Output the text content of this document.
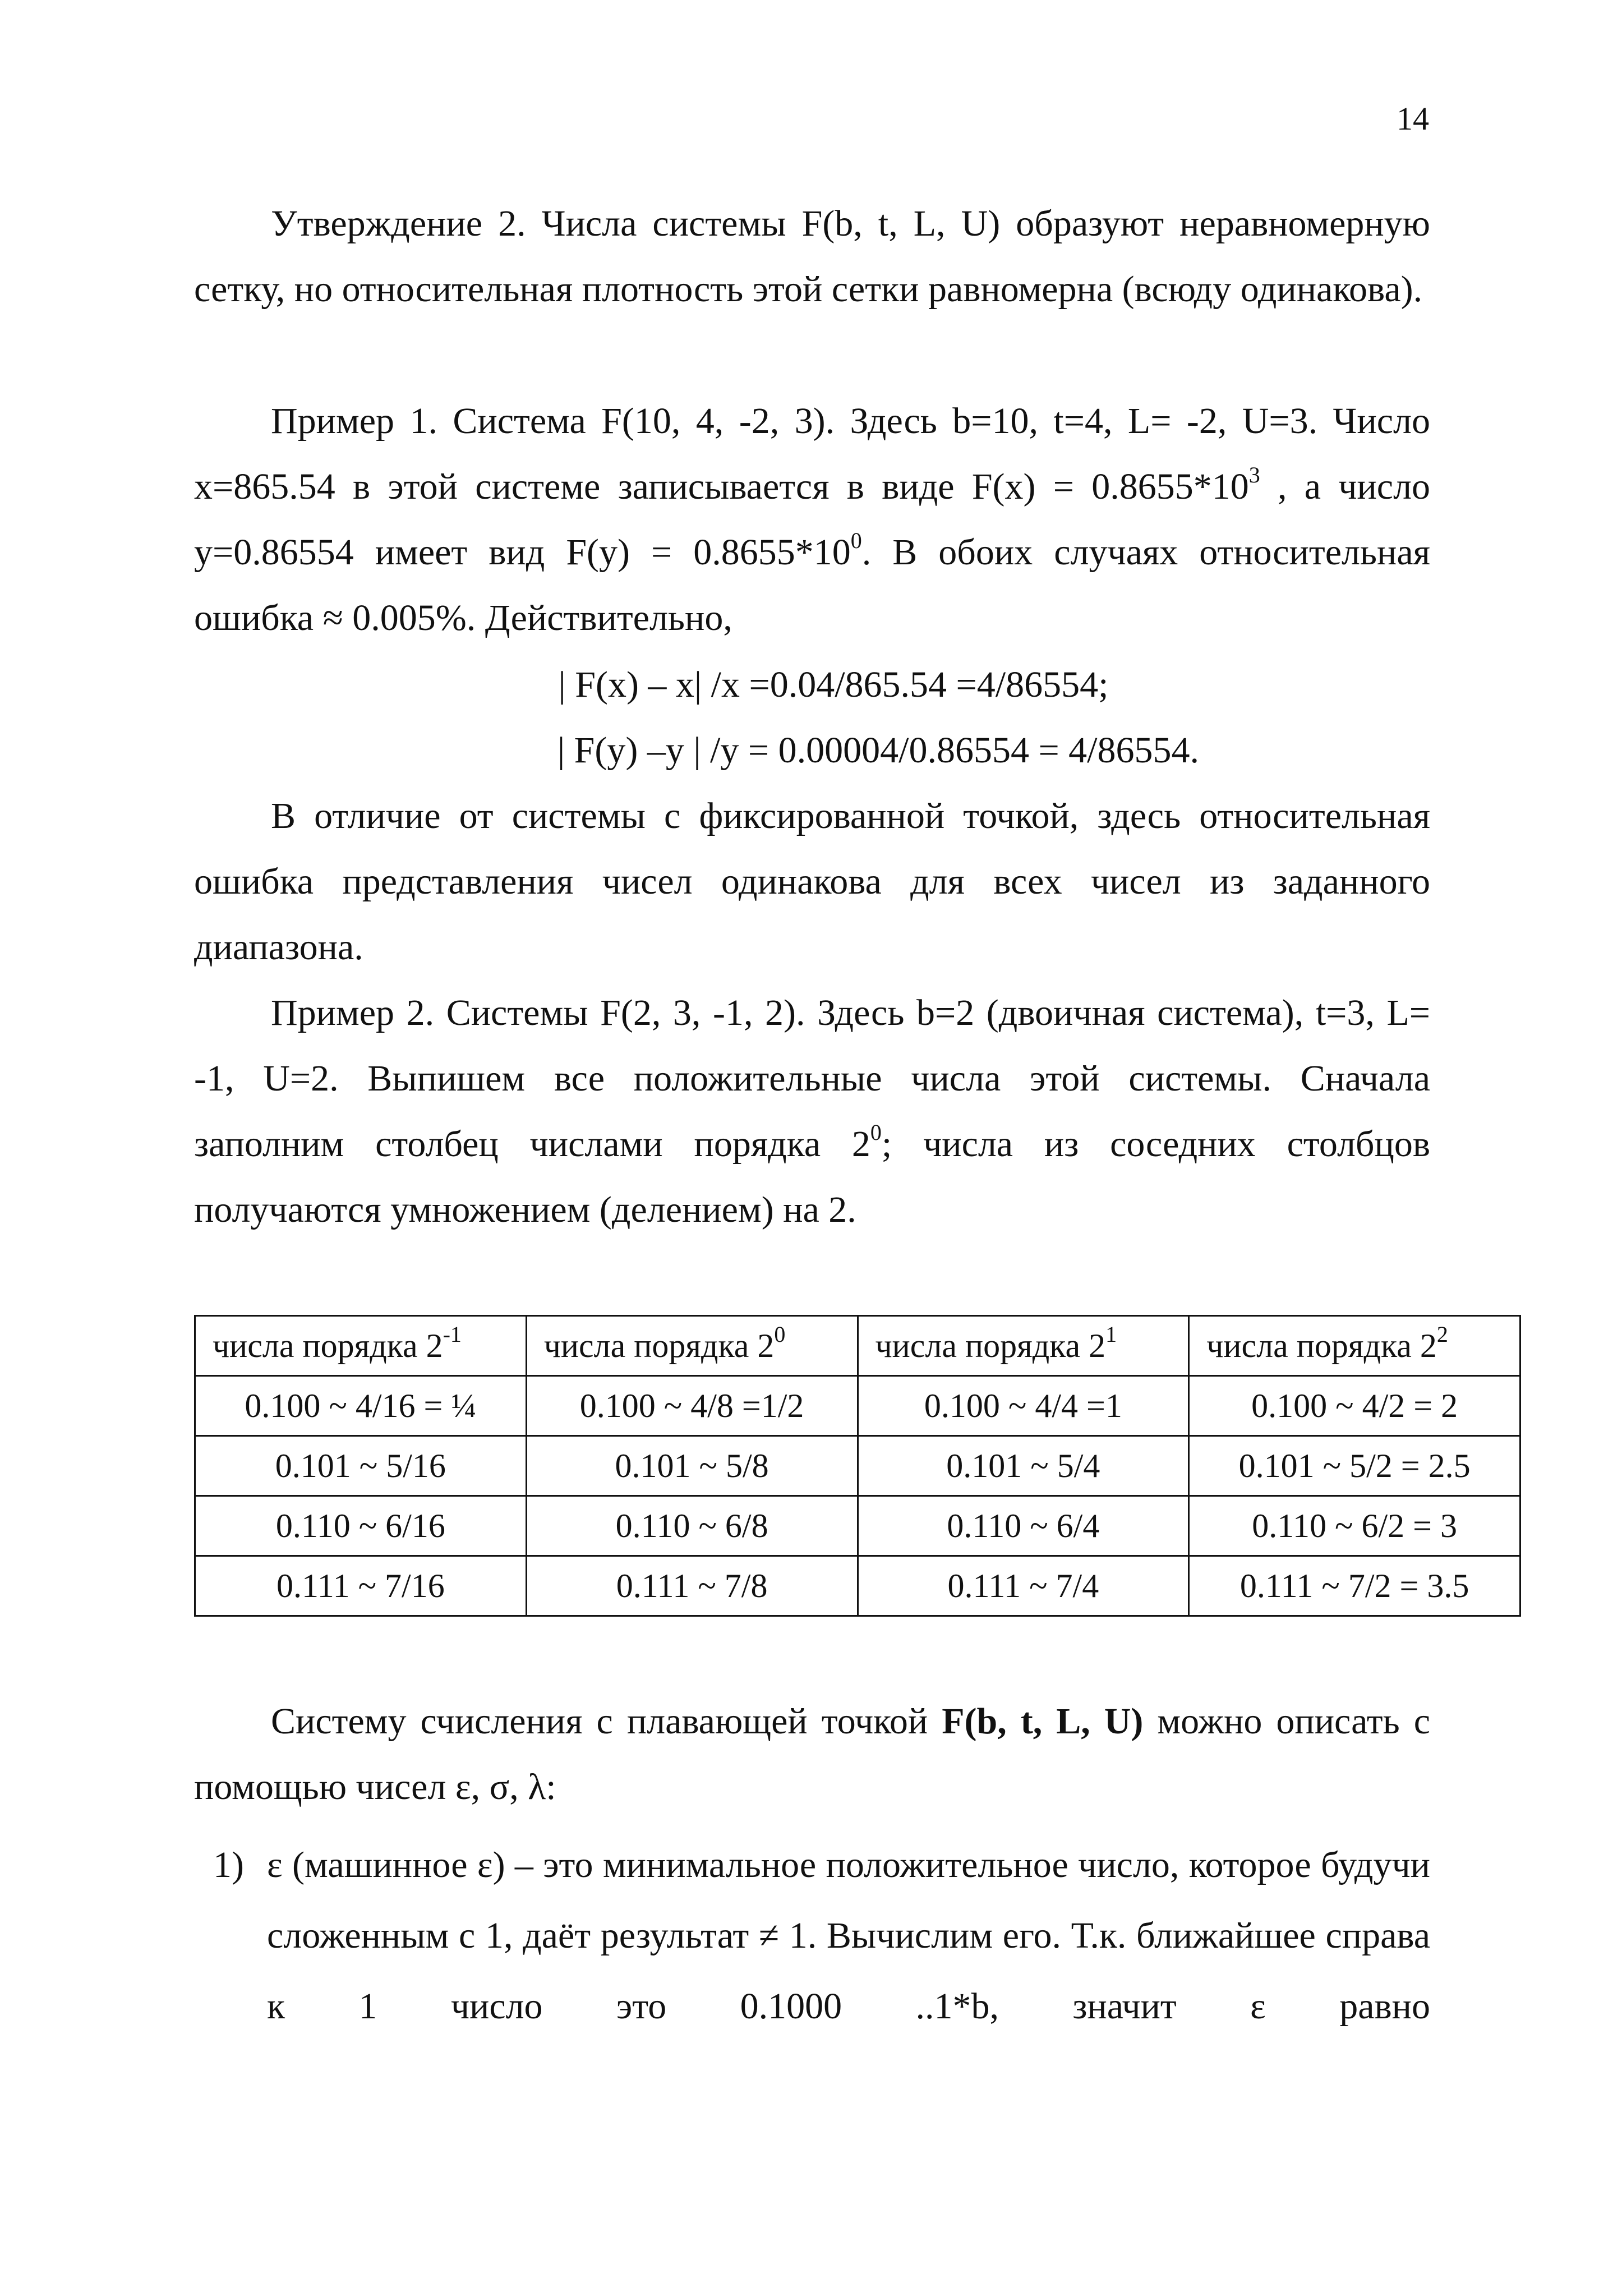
14

Утверждение 2. Числа системы F(b, t, L, U) образуют неравномерную сетку, но относительная плотность этой сетки равномерна (всюду одинакова).

Пример 1. Система F(10, 4, -2, 3). Здесь b=10, t=4, L= -2, U=3. Число x=865.54 в этой системе записывается в виде $F(x) = 0.8655*10^3$ , а число y=0.86554 имеет вид $F(y) = 0.8655*10^0$. В обоих случаях относительная ошибка ≈ 0.005%. Действительно,

| F(x) – x| /x =0.04/865.54 =4/86554;
| F(y) –y | /y = 0.00004/0.86554 = 4/86554.

В отличие от системы с фиксированной точкой, здесь относительная ошибка представления чисел одинакова для всех чисел из заданного диапазона.

Пример 2. Системы F(2, 3, -1, 2). Здесь b=2 (двоичная система), t=3, L= -1, U=2. Выпишем все положительные числа этой системы. Сначала заполним столбец числами порядка $2^0$; числа из соседних столбцов получаются умножением (делением) на 2.

числа порядка $2^{-1}$	числа порядка $2^0$	числа порядка $2^1$	числа порядка $2^2$
0.100 ~ 4/16 = ¼	0.100 ~ 4/8 =1/2	0.100 ~ 4/4 =1	0.100 ~ 4/2 = 2
0.101 ~ 5/16	0.101 ~ 5/8	0.101 ~ 5/4	0.101 ~ 5/2 = 2.5
0.110 ~ 6/16	0.110 ~ 6/8	0.110 ~ 6/4	0.110 ~ 6/2 = 3
0.111 ~ 7/16	0.111 ~ 7/8	0.111 ~ 7/4	0.111 ~ 7/2 = 3.5

Систему счисления с плавающей точкой F(b, t, L, U) можно описать с помощью чисел ε, σ, λ:

1) ε (машинное ε) – это минимальное положительное число, которое будучи сложенным с 1, даёт результат ≠ 1. Вычислим его. Т.к. ближайшее справа к 1 число это 0.1000 ..1*b, значит ε равно
